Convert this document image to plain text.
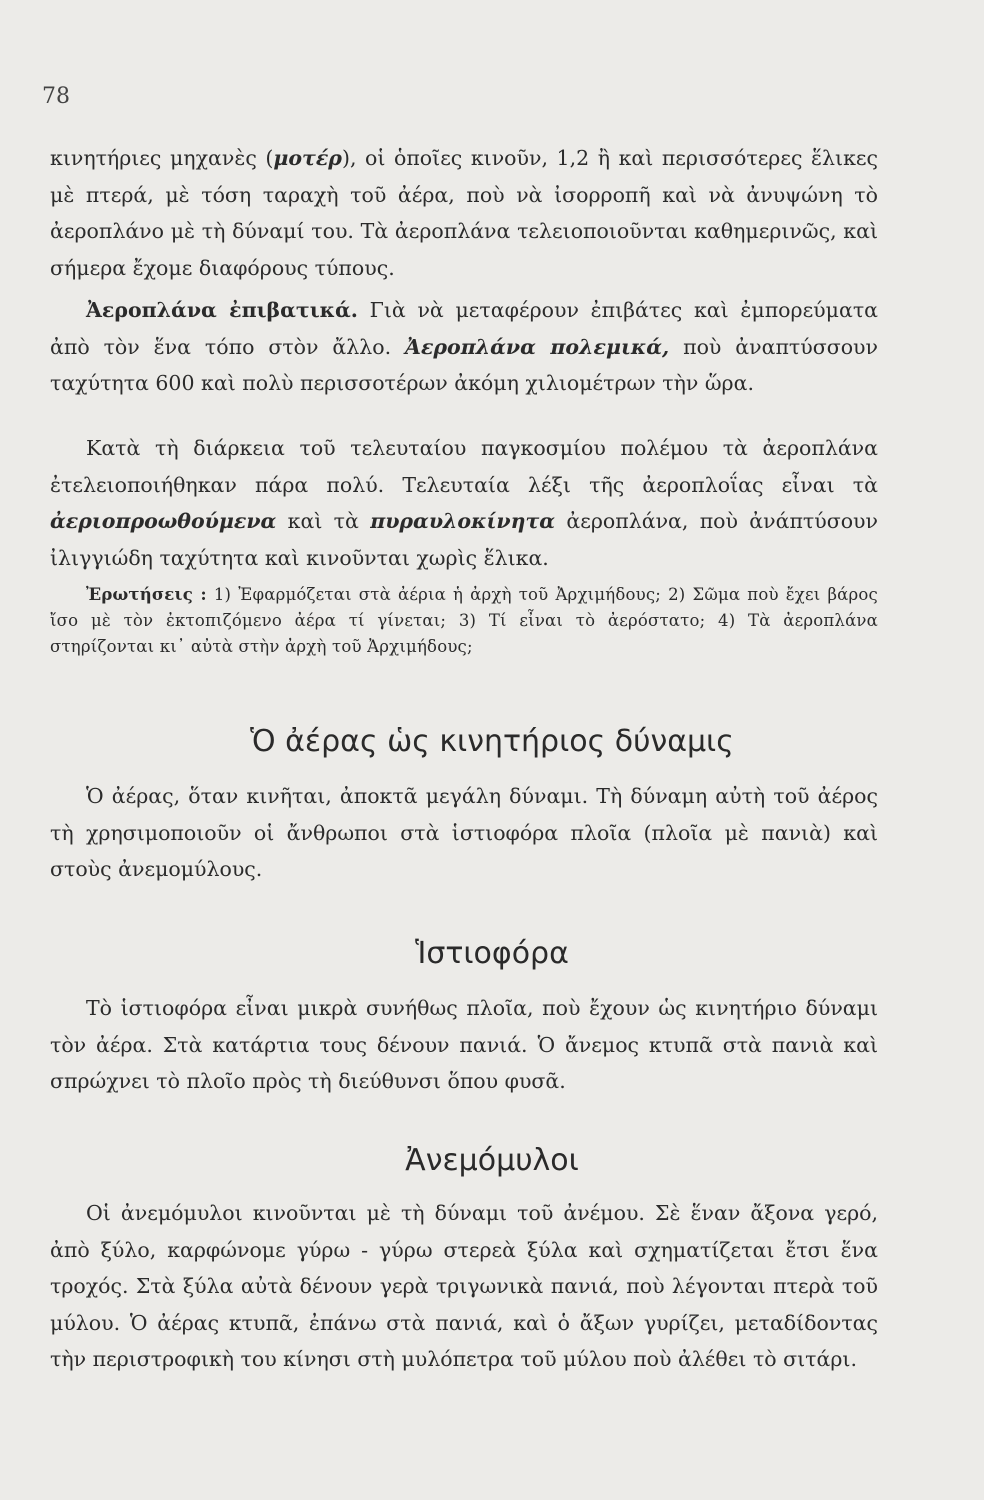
78

κινητήριες μηχανὲς (μοτέρ), οἱ ὁποῖες κινοῦν, 1,2 ἢ καὶ περισσότερες ἕλικες μὲ πτερά, μὲ τόση ταραχὴ τοῦ ἀέρα, ποὺ νὰ ἰσορροπῆ καὶ νὰ ἀνυψώνη τὸ ἀεροπλάνο μὲ τὴ δύναμί του. Τὰ ἀεροπλάνα τελειοποιοῦνται καθημερινῶς, καὶ σήμερα ἔχομε διαφόρους τύπους.

Ἀεροπλάνα ἐπιβατικά. Γιὰ νὰ μεταφέρουν ἐπιβάτες καὶ ἐμπορεύματα ἀπὸ τὸν ἕνα τόπο στὸν ἄλλο. Ἀεροπλάνα πολεμικά, ποὺ ἀναπτύσσουν ταχύτητα 600 καὶ πολὺ περισσοτέρων ἀκόμη χιλιομέτρων τὴν ὥρα.

Κατὰ τὴ διάρκεια τοῦ τελευταίου παγκοσμίου πολέμου τὰ ἀεροπλάνα ἐτελειοποιήθηκαν πάρα πολύ. Τελευταία λέξι τῆς ἀεροπλοΐας εἶναι τὰ ἀεριοπροωθούμενα καὶ τὰ πυραυλοκίνητα ἀεροπλάνα, ποὺ ἀνάπτύσουν ἰλιγγιώδη ταχύτητα καὶ κινοῦνται χωρὶς ἕλικα.

Ἐρωτήσεις : 1) Ἐφαρμόζεται στὰ ἀέρια ἡ ἀρχὴ τοῦ Ἀρχιμήδους; 2) Σῶμα ποὺ ἔχει βάρος ἴσο μὲ τὸν ἐκτοπιζόμενο ἀέρα τί γίνεται; 3) Τί εἶναι τὸ ἀερόστατο; 4) Τὰ ἀεροπλάνα στηρίζονται κι᾿ αὐτὰ στὴν ἀρχὴ τοῦ Ἀρχιμήδους;

Ὁ ἀέρας ὡς κινητήριος δύναμις

Ὁ ἀέρας, ὅταν κινῆται, ἀποκτᾶ μεγάλη δύναμι. Τὴ δύναμη αὐτὴ τοῦ ἀέρος τὴ χρησιμοποιοῦν οἱ ἄνθρωποι στὰ ἱστιοφόρα πλοῖα (πλοῖα μὲ πανιὰ) καὶ στοὺς ἀνεμομύλους.

Ἱστιοφόρα

Τὸ ἱστιοφόρα εἶναι μικρὰ συνήθως πλοῖα, ποὺ ἔχουν ὡς κινητήριο δύναμι τὸν ἀέρα. Στὰ κατάρτια τους δένουν πανιά. Ὁ ἄνεμος κτυπᾶ στὰ πανιὰ καὶ σπρώχνει τὸ πλοῖο πρὸς τὴ διεύθυνσι ὅπου φυσᾶ.

Ἀνεμόμυλοι

Οἱ ἀνεμόμυλοι κινοῦνται μὲ τὴ δύναμι τοῦ ἀνέμου. Σὲ ἕναν ἄξονα γερό, ἀπὸ ξύλο, καρφώνομε γύρω - γύρω στερεὰ ξύλα καὶ σχηματίζεται ἔτσι ἕνα τροχός. Στὰ ξύλα αὐτὰ δένουν γερὰ τριγωνικὰ πανιά, ποὺ λέγονται πτερὰ τοῦ μύλου. Ὁ ἀέρας κτυπᾶ, ἐπάνω στὰ πανιά, καὶ ὁ ἄξων γυρίζει, μεταδίδοντας τὴν περιστροφικὴ του κίνησι στὴ μυλόπετρα τοῦ μύλου ποὺ ἀλέθει τὸ σιτάρι.
